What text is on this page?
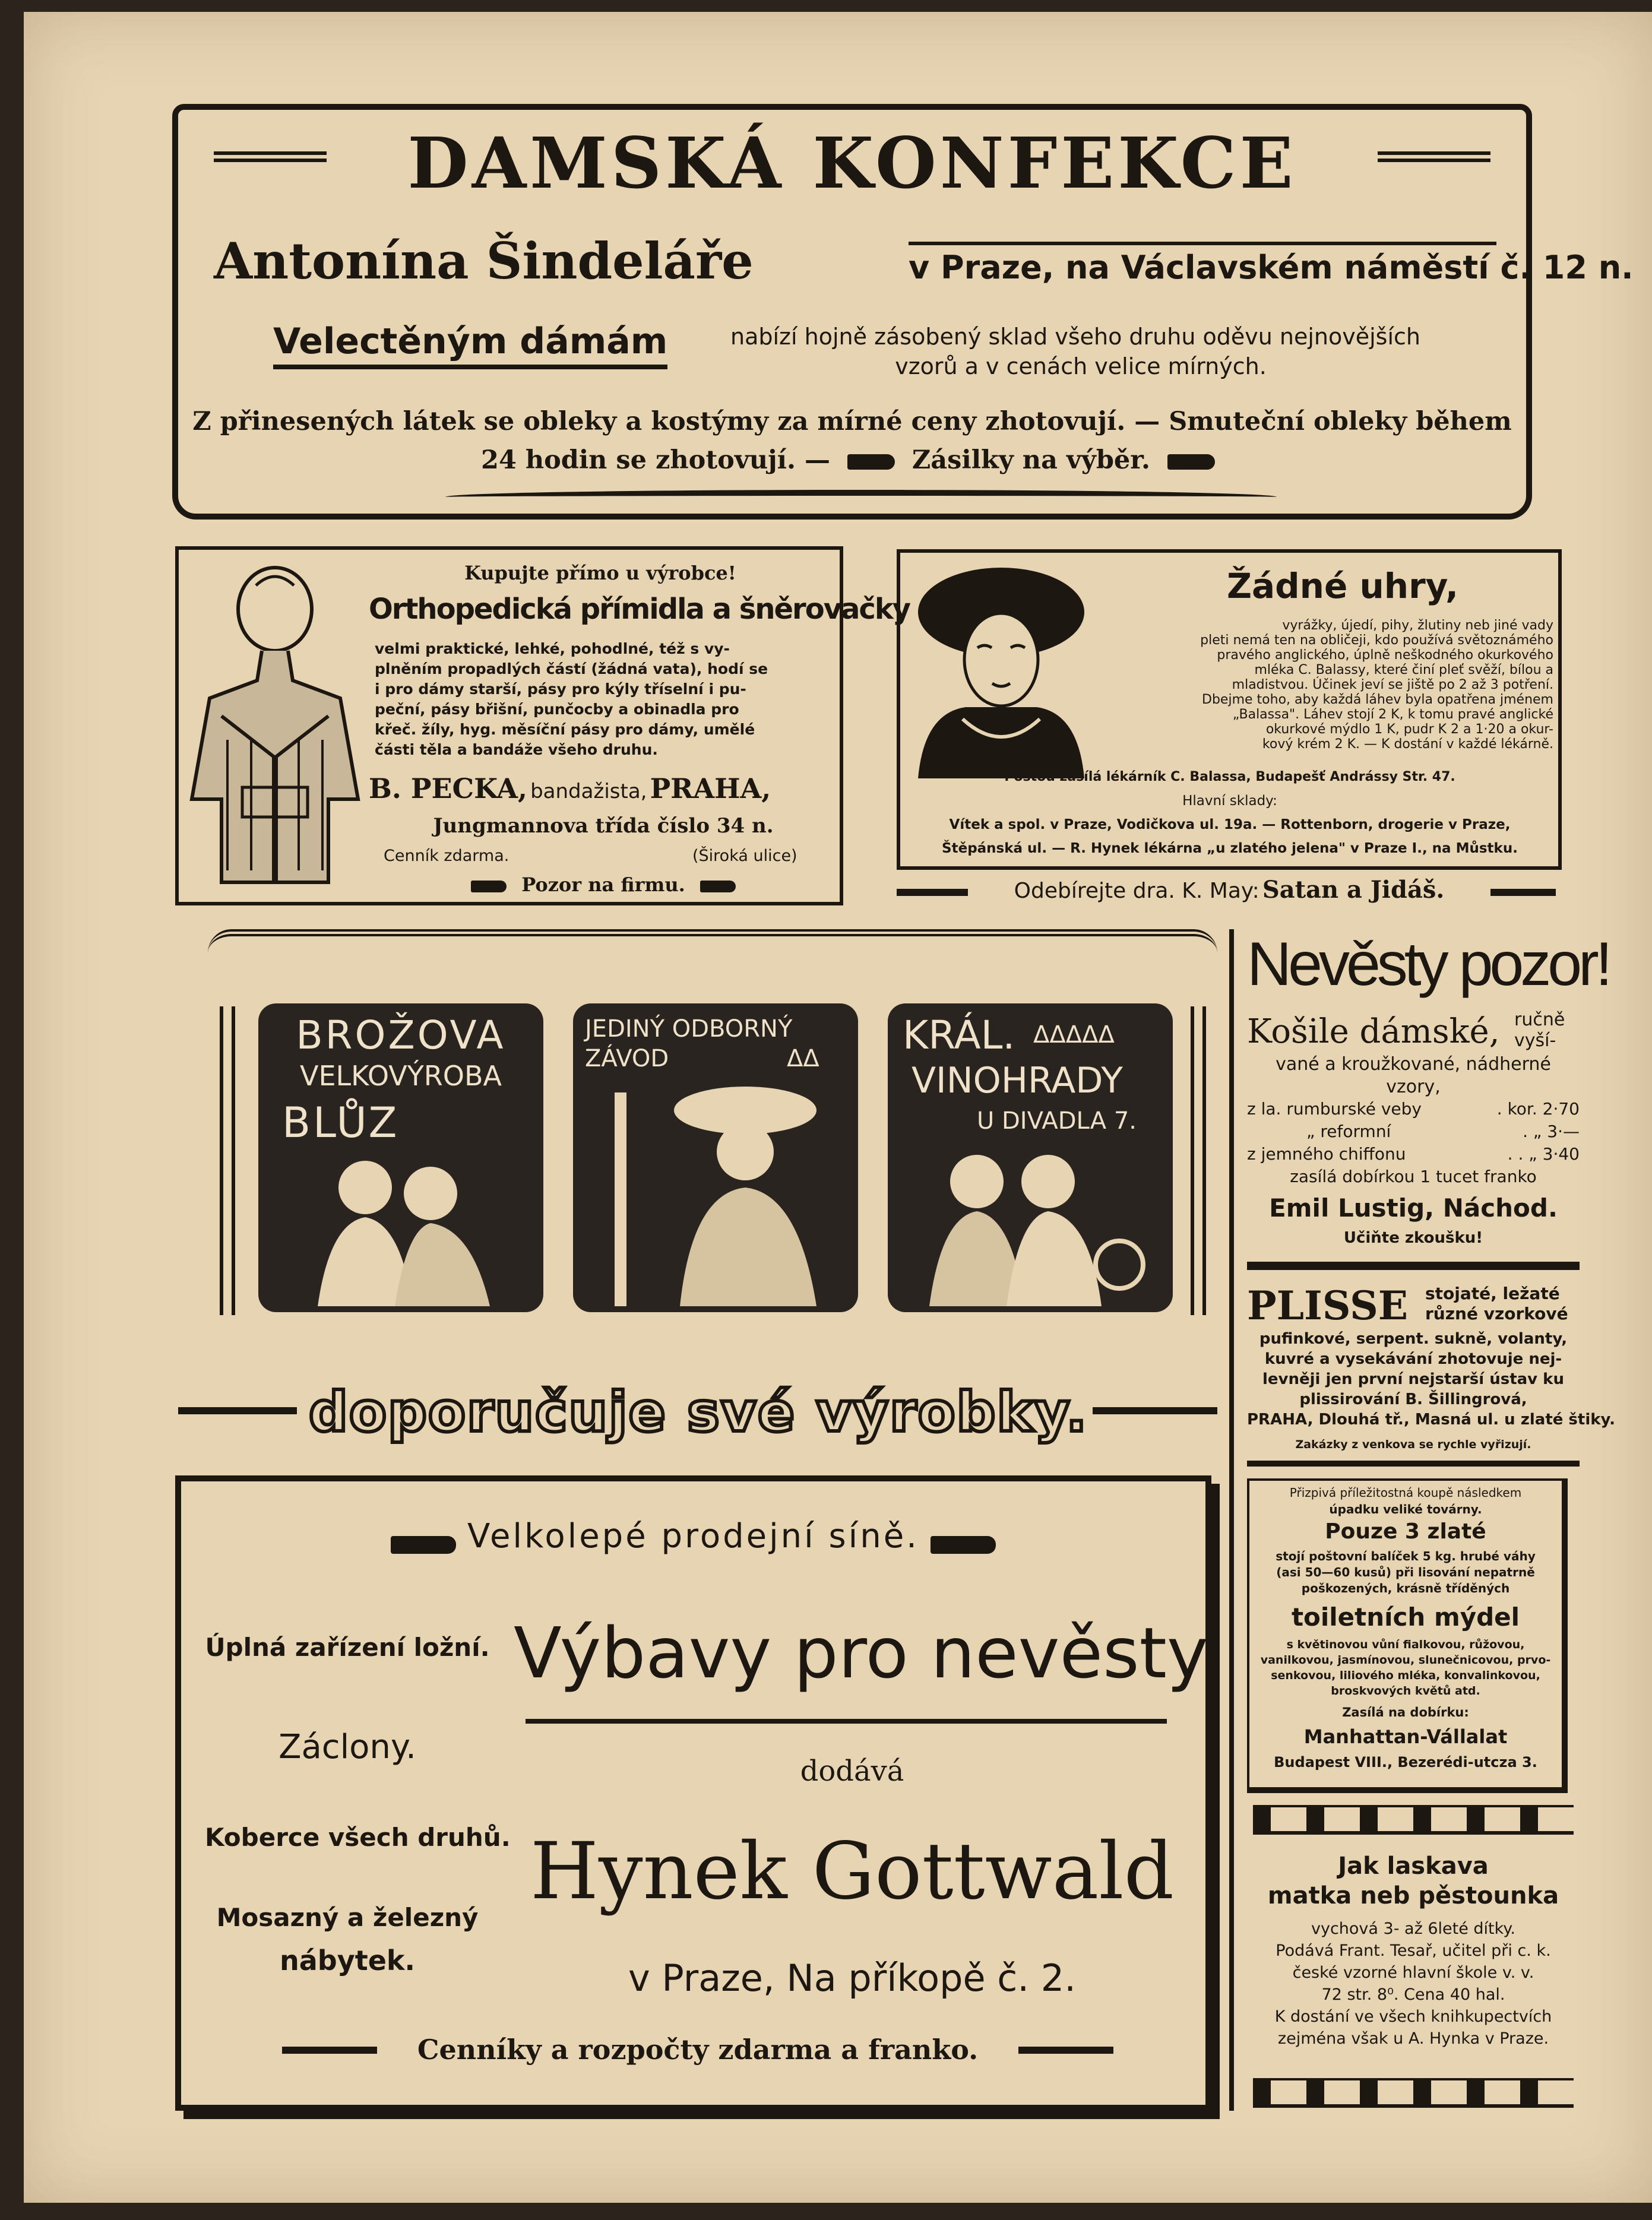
DAMSKÁ KONFEKCE
Antonína Šindeláře	v Praze, na Václavském náměstí č. 12 n.
Velectěným dámám	nabízí hojně zásobený sklad všeho druhu oděvu nejnovějších
vzorů a v cenách velice mírných.
Z přinesených látek se obleky a kostýmy za mírné ceny zhotovují. — Smuteční obleky během
24 hodin se zhotovují. —	Zásilky na výběr.
Kupujte přímo u výrobce!
Orthopedická přímidla a šněrovačky

velmi praktické, lehké, pohodlné, též s vy-

plněním propadlých částí (žádná vata), hodí se

i pro dámy starší, pásy pro kýly tříselní i pu-

peční, pásy břišní, punčocby a obinadla pro

křeč. žíly, hyg. měsíční pásy pro dámy, umělé

části těla a bandáže všeho druhu.

B. PECKA, bandažista, PRAHA,
Jungmannova třída číslo 34 n.
Cenník zdarma.	(Široká ulice)
Pozor na firmu.
Žádné uhry,

vyrážky, újedí, pihy, žlutiny neb jiné vady

pleti nemá ten na obličeji, kdo používá světoznámého

pravého anglického, úplně neškodného okurkového

mléka C. Balassy, které činí pleť svěží, bílou a

mladistvou. Účinek jeví se jiště po 2 až 3 potření.

Dbejme toho, aby každá láhev byla opatřena jménem

„Balassa". Láhev stojí 2 K, k tomu pravé anglické

okurkové mýdlo 1 K, pudr K 2 a 1·20 a okur-

kový krém 2 K. — K dostání v každé lékárně.

Poštou zasílá lékárník C. Balassa, Budapešť Andrássy Str. 47.
Hlavní sklady:
Vítek a spol. v Praze, Vodičkova ul. 19a. — Rottenborn, drogerie v Praze,
Štěpánská ul. — R. Hynek lékárna „u zlatého jelena" v Praze I., na Můstku.
Odebírejte dra. K. May: Satan a Jidáš.
BROŽOVA
VELKOVÝROBA
BLŮZ
JEDINÝ ODBORNÝ
ZÁVOD	ΔΔ
KRÁL. ΔΔΔΔΔ
VINOHRADY
U DIVADLA 7.
doporučuje své výrobky.
Velkolepé prodejní síně.
Úplná zařízení ložní.
Záclony.
Koberce všech druhů.
Mosazný a železný
nábytek.
Výbavy pro nevěsty
dodává
Hynek Gottwald
v Praze, Na příkopě č. 2.
Cenníky a rozpočty zdarma a franko.
Nevěsty pozor!
Košile dámské, ručně
vyší-
vané a kroužkované, nádherné
vzory,
z la. rumburské veby	. kor. 2·70
„ reformní	. „ 3·—
z jemného chiffonu	. . „ 3·40
zasílá dobírkou 1 tucet franko
Emil Lustig, Náchod.
Učiňte zkoušku!
PLISSE stojaté, ležaté
různé vzorkové

pufinkové, serpent. sukně, volanty,

kuvré a vysekávání zhotovuje nej-

levněji jen první nejstarší ústav ku

plissirování B. Šillingrová,

PRAHA, Dlouhá tř., Masná ul. u zlaté štiky.

Zakázky z venkova se rychle vyřizují.
Přizpivá příležitostná koupě následkem
úpadku veliké továrny.
Pouze 3 zlaté
stojí poštovní balíček 5 kg. hrubé váhy
(asi 50—60 kusů) při lisování nepatrně
poškozených, krásně tříděných
toiletních mýdel
s květinovou vůní fialkovou, růžovou,
vanilkovou, jasmínovou, slunečnicovou, prvo-
senkovou, liliového mléka, konvalinkovou,
broskvových květů atd.
Zasílá na dobírku:
Manhattan-Vállalat
Budapest VIII., Bezerédi-utcza 3.
Jak laskava
matka neb pěstounka

vychová 3- až 6leté dítky.

Podává Frant. Tesař, učitel při c. k.

české vzorné hlavní škole v. v.

72 str. 8⁰. Cena 40 hal.

K dostání ve všech knihkupectvích

zejména však u A. Hynka v Praze.
